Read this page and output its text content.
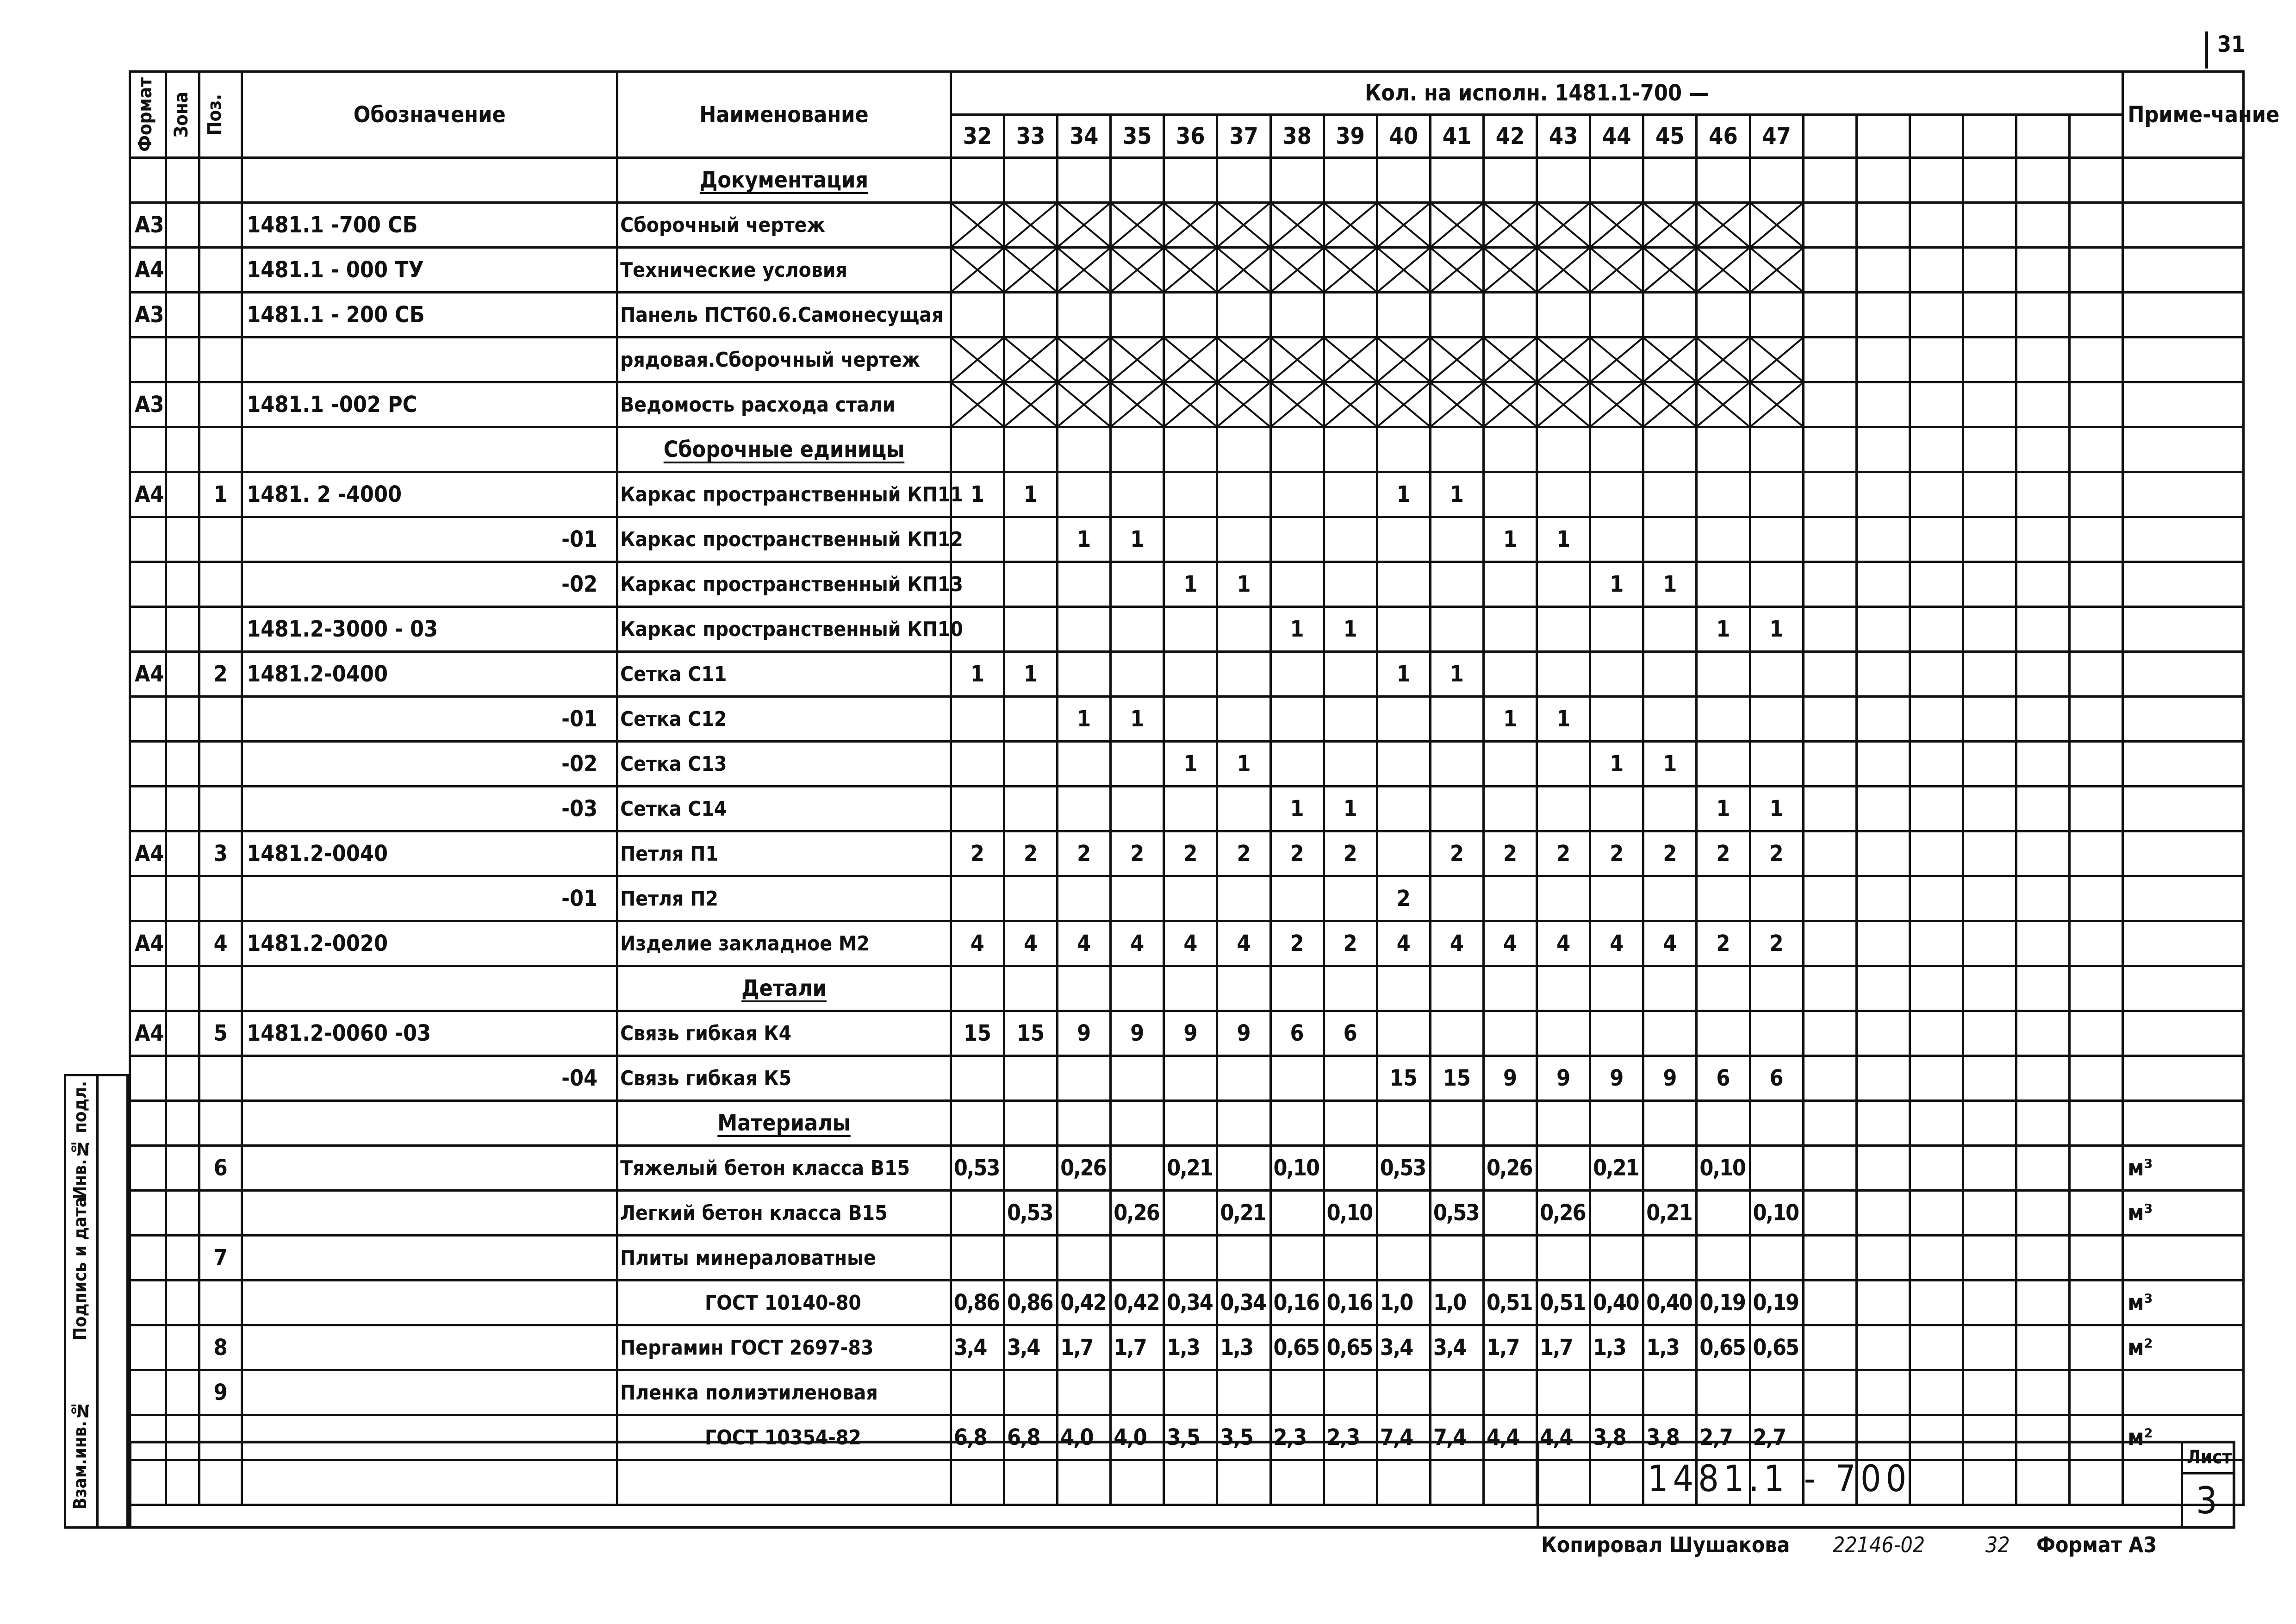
31
Формат	Зона	Поз.	Обозначение	Наименование	Кол. на исполн. 1481.1-700 —																						Приме-чание
					32	33	34	35	36	37	38	39	40	41	42	43	44	45	46	47							
				Документация																							
А3			1481.1 -700 СБ	Сборочный чертеж	

А4			1481.1 - 000 ТУ	Технические условия	

А3			1481.1 - 200 СБ	Панель ПСТ60.6.Самонесущая																							
				рядовая.Сборочный чертеж	

А3			1481.1 -002 РС	Ведомость расхода стали	

				Сборочные единицы																							
А4		1	1481. 2 -4000	Каркас пространственный КП11	1	1							1	1													
			-01	Каркас пространственный КП12			1	1							1	1											
			-02	Каркас пространственный КП13					1	1							1	1									
			1481.2-3000 - 03	Каркас пространственный КП10							1	1							1	1							
А4		2	1481.2-0400	Сетка С11	1	1							1	1													
			-01	Сетка С12			1	1							1	1											
			-02	Сетка С13					1	1							1	1									
			-03	Сетка С14							1	1							1	1							
А4		3	1481.2-0040	Петля П1	2	2	2	2	2	2	2	2		2	2	2	2	2	2	2							
			-01	Петля П2									2														
А4		4	1481.2-0020	Изделие закладное М2	4	4	4	4	4	4	2	2	4	4	4	4	4	4	2	2							
				Детали																							
А4		5	1481.2-0060 -03	Связь гибкая К4	15	15	9	9	9	9	6	6															
			-04	Связь гибкая К5									15	15	9	9	9	9	6	6							
				Материалы																							
		6		Тяжелый бетон класса В15	0,53		0,26		0,21		0,10		0,53		0,26		0,21		0,10								м³
				Легкий бетон класса В15		0,53		0,26		0,21		0,10		0,53		0,26		0,21		0,10							м³
		7		Плиты минераловатные																							
				ГОСТ 10140-80	0,86	0,86	0,42	0,42	0,34	0,34	0,16	0,16	1,0	1,0	0,51	0,51	0,40	0,40	0,19	0,19							м³
		8		Пергамин ГОСТ 2697-83	3,4	3,4	1,7	1,7	1,3	1,3	0,65	0,65	3,4	3,4	1,7	1,7	1,3	1,3	0,65	0,65							м²
		9		Пленка полиэтиленовая																							
				ГОСТ 10354-82	6,8	6,8	4,0	4,0	3,5	3,5	2,3	2,3	7,4	7,4	4,4	4,4	3,8	3,8	2,7	2,7							м²

Инв.№ подл.
Подпись и дата
Взам.инв.№	1481.1 - 700
Лист
3
Копировал Шушакова 22146-02	32 Формат А3
